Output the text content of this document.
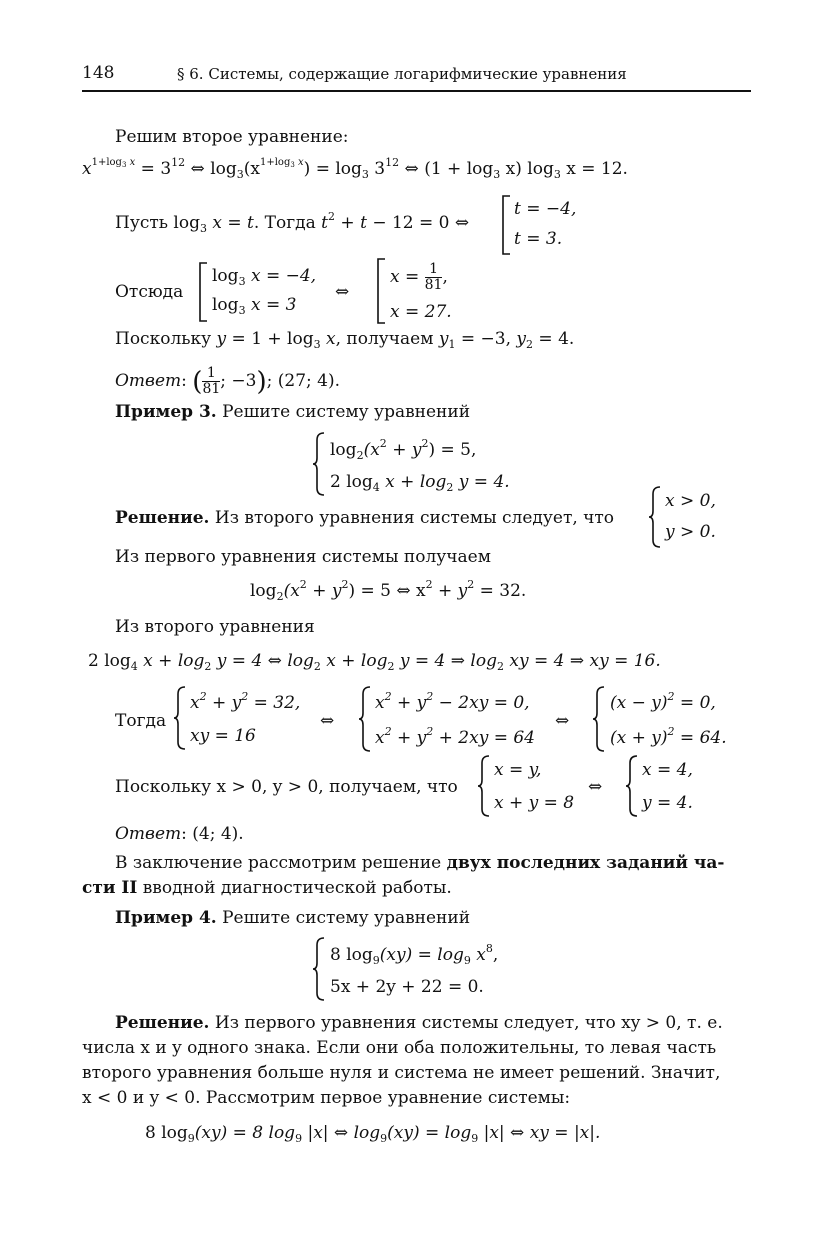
148	§ 6. Системы, содержащие логарифмические уравнения
Решим второе уравнение:
$x^{1+log_3 x} = 3^{12}$ ⇔ $\log_3(x^{1+log_3 x}) = \log_3 3^{12}$ ⇔ $(1 + \log_3 x)$ $\log_3 x = 12$.
Пусть $\log_3 x = t$. Тогда $t^2 + t - 12 = 0$ ⇔
t = −4,
t = 3.
Отсюда
$\log_3 x = -4$,
$\log_3 x = 3$
⇔
$x = \frac{1}{81}$ ,
x = 27.
Поскольку $y = 1 + \log_3 x$, получаем $y_1 = -3$, $y_2 = 4$.
Ответ: ( $\frac{1}{81}$ ; −3); (27; 4).
Пример 3. Решите систему уравнений
$\log_2(x^2 + y^2) = 5$,
2 $\log_4 x + \log_2 y = 4$.
Решение. Из второго уравнения системы следует, что
x > 0,
y > 0.
Из первого уравнения системы получаем
$\log_2(x^2 + y^2) = 5$ ⇔ $x^2 + y^2 = 32$.
Из второго уравнения
2 $\log_4 x + \log_2 y = 4$ ⇔ $\log_2 x + \log_2 y = 4$ ⇒ $\log_2$ xy = 4 ⇒ xy = 16.
Тогда
$x^2 + y^2 = 32$,
xy = 16
⇔
$x^2 + y^2 - 2xy = 0$,
$x^2 + y^2 + 2xy = 64$
⇔
$(x - y)^2 = 0$,
$(x + y)^2 = 64$.
Поскольку x > 0, y > 0, получаем, что
x = y,
x + y = 8
⇔
x = 4,
y = 4.
Ответ: (4; 4).
В заключение рассмотрим решение двух последних заданий ча-
сти II вводной диагностической работы.
Пример 4. Решите систему уравнений
8 $\log_9(xy) = \log_9 x^8$,
5x + 2y + 22 = 0.
Решение. Из первого уравнения системы следует, что xy > 0, т. е.
числа x и y одного знака. Если они оба положительны, то левая часть
второго уравнения больше нуля и система не имеет решений. Значит,
x < 0 и y < 0. Рассмотрим первое уравнение системы:
8 $\log_9(xy) = 8$ $\log_9 |x|$ ⇔ $\log_9(xy) = \log_9 |x|$ ⇔ xy = |x|.
